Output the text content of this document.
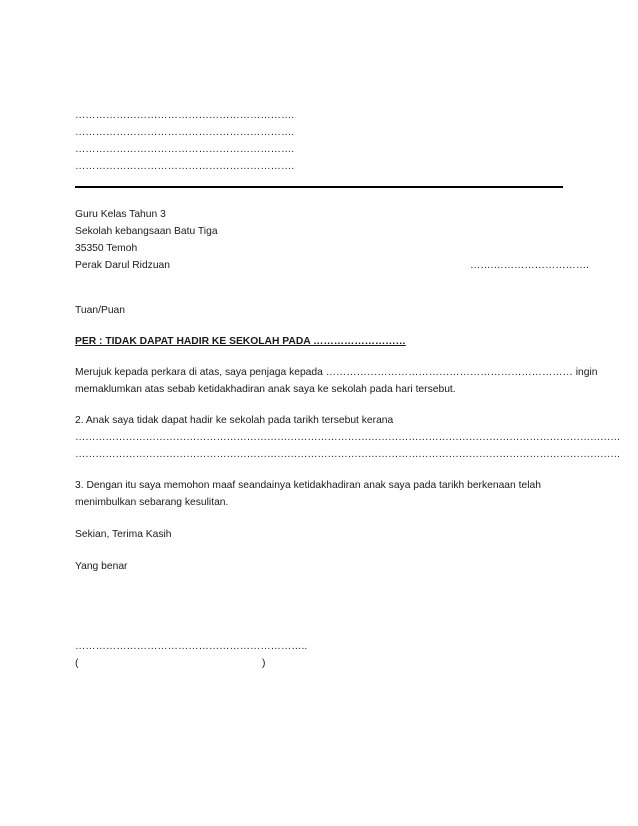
……………………………………………………….
……………………………………………………….
……………………………………………………….
……………………………………………………….
Guru Kelas Tahun 3
Sekolah kebangsaan Batu Tiga
35350 Temoh
Perak Darul Ridzuan	…….……………………….
Tuan/Puan
PER : TIDAK DAPAT HADIR KE SEKOLAH PADA ………………………
Merujuk kepada perkara di atas, saya penjaga kepada ……………………………………………………………… ingin
memaklumkan atas sebab ketidakhadiran anak saya ke sekolah pada hari tersebut.
2. Anak saya tidak dapat hadir ke sekolah pada tarikh tersebut kerana
………………………………………………………………………………………………………………………………………………
………………………………………………………………………………………………………………………………………………
3. Dengan itu saya memohon maaf seandainya ketidakhadiran anak saya pada tarikh berkenaan telah
menimbulkan sebarang kesulitan.
Sekian, Terima Kasih
Yang benar
…………………………………………………………..
(	)
